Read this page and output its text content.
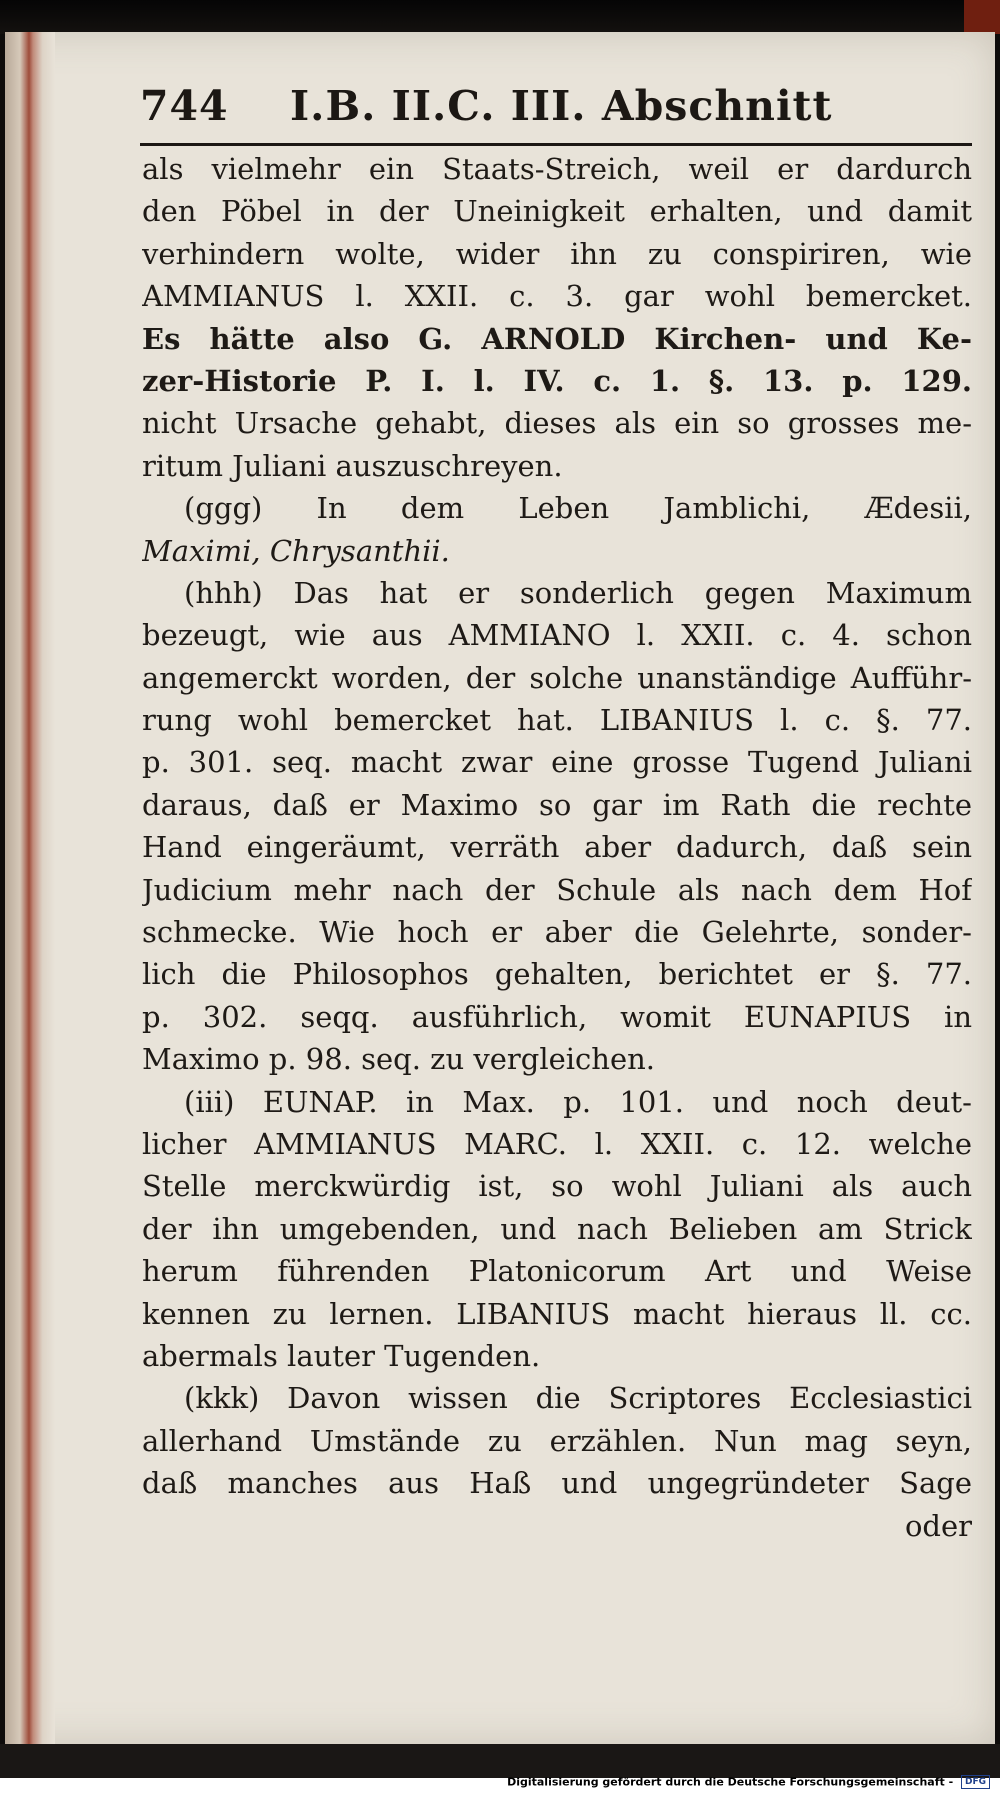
744 I.B. II.C. III. Abschnitt
als vielmehr ein Staats-Streich, weil er dardurch
den Pöbel in der Uneinigkeit erhalten, und damit
verhindern wolte, wider ihn zu conspiriren, wie
AMMIANUS l. XXII. c. 3. gar wohl bemercket.
Es hätte also G. ARNOLD Kirchen- und Ke-
zer-Historie P. I. l. IV. c. 1. §. 13. p. 129.
nicht Ursache gehabt, dieses als ein so grosses me-
ritum Juliani auszuschreyen.
(ggg) In dem Leben Jamblichi, Ædesii,
Maximi, Chrysanthii.
(hhh) Das hat er sonderlich gegen Maximum
bezeugt, wie aus AMMIANO l. XXII. c. 4. schon
angemerckt worden, der solche unanständige Aufführ-
rung wohl bemercket hat. LIBANIUS l. c. §. 77.
p. 301. seq. macht zwar eine grosse Tugend Juliani
daraus, daß er Maximo so gar im Rath die rechte
Hand eingeräumt, verräth aber dadurch, daß sein
Judicium mehr nach der Schule als nach dem Hof
schmecke. Wie hoch er aber die Gelehrte, sonder-
lich die Philosophos gehalten, berichtet er §. 77.
p. 302. seqq. ausführlich, womit EUNAPIUS in
Maximo p. 98. seq. zu vergleichen.
(iii) EUNAP. in Max. p. 101. und noch deut-
licher AMMIANUS MARC. l. XXII. c. 12. welche
Stelle merckwürdig ist, so wohl Juliani als auch
der ihn umgebenden, und nach Belieben am Strick
herum führenden Platonicorum Art und Weise
kennen zu lernen. LIBANIUS macht hieraus ll. cc.
abermals lauter Tugenden.
(kkk) Davon wissen die Scriptores Ecclesiastici
allerhand Umstände zu erzählen. Nun mag seyn,
daß manches aus Haß und ungegründeter Sage
oder
Digitalisierung gefördert durch die Deutsche Forschungsgemeinschaft - DFG
